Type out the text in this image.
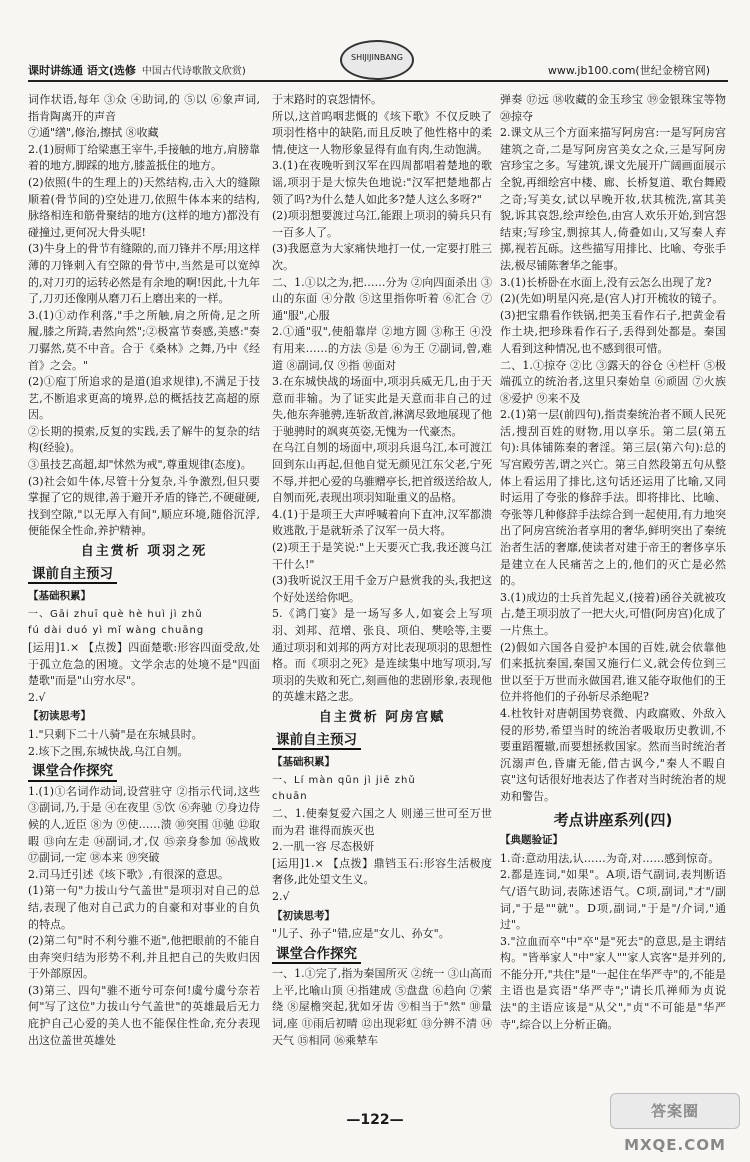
课时讲练通 语文(选修 中国古代诗歌散文欣赏)
SHIJIJINBANG
www.jb100.com(世纪金榜官网)

词作状语,每年 ③众 ④助词,的 ⑤以 ⑥象声词,指肯陶离开的声音

⑦通"缮",修治,擦拭 ⑧收藏

2.(1)厨师丁给梁惠王宰牛,手接触的地方,肩膀靠着的地方,脚踩的地方,膝盖抵住的地方。

(2)依照(牛的生理上的)天然结构,击入大的缝隙顺着(骨节间的)空处进刀,依照牛体本来的结构,脉络相连和筋骨聚结的地方(这样的地方)都没有碰撞过,更何况大骨头呢!

(3)牛身上的骨节有缝隙的,而刀锋并不厚;用这样薄的刀锋刺入有空隙的骨节中,当然是可以宽绰的,对刀刃的运转必然是有余地的啊!因此,十九年了,刀刃还像刚从磨刀石上磨出来的一样。

3.(1)①动作利落,"手之所触,肩之所倚,足之所履,膝之所踦,砉然向然";②极富节奏感,美感:"奏刀骣然,莫不中音。合于《桑林》之舞,乃中《经首》之会。"

(2)①庖丁所追求的是道(追求规律),不满足于技艺,不断追求更高的境界,总的概括技艺高超的原因。

②长期的摸索,反复的实践,丢了解牛的复杂的结构(经验)。

③虽技艺高超,却"怵然为戒",尊重规律(态度)。

(3)社会如牛体,尽管十分复杂,斗争激烈,但只要掌握了它的规律,善于避开矛盾的锋芒,不硬碰硬,找到空隙,"以无厚入有间",顺应环境,随俗沉浮,便能保全性命,养护精神。

自主赏析 项羽之死
课前自主预习
【基础积累】

一、Gāi zhuī què hè huì jì zhǔ

fú dài duó yì mǐ wàng chuāng

[运用]1.× 【点拨】四面楚歌:形容四面受敌,处于孤立危急的困境。文学余志的处境不是"四面楚歌"而是"山穷水尽"。

2.√

【初读思考】

1."只剩下二十八骑"是在东城县时。

2.垓下之围,东城快战,乌江自刎。

课堂合作探究

1.(1)①名词作动词,设营驻守 ②指示代词,这些 ③副词,乃,于是 ④在夜里 ⑤饮 ⑥奔驰 ⑦身边侍候的人,近臣 ⑧为 ⑨使……溃 ⑩突围 ⑪驰 ⑫取暇 ⑬向左走 ⑭副词,才,仅 ⑮亲身参加 ⑯战败 ⑰副词,一定 ⑱本来 ⑲突破

2.司马迁引述《垓下歌》,有很深的意思。

(1)第一句"力拔山兮气盖世"是项羽对自己的总结,表现了他对自己武力的自豪和对事业的自负的特点。

(2)第二句"时不利兮骓不逝",他把眼前的不能自由奔突归结为形势不利,并且把自己的失败归因于外部原因。

(3)第三、四句"骓不逝兮可奈何!虞兮虞兮奈若何"写了这位"力拔山兮气盖世"的英雄最后无力庇护自己心爱的美人也不能保住性命,充分表现出这位盖世英雄处

于末路时的哀怨情怀。

所以,这首呜咽悲慨的《垓下歌》不仅反映了项羽性格中的缺陷,而且反映了他性格中的柔情,使这一人物形象显得有血有肉,生动饱满。

3.(1)在夜晚听到汉军在四周都唱着楚地的歌谣,项羽于是大惊失色地说:"汉军把楚地都占领了吗?为什么楚人如此多?楚人这么多呀?"

(2)项羽想要渡过乌江,能跟上项羽的骑兵只有一百多人了。

(3)我愿意为大家痛快地打一仗,一定要打胜三次。

二、1.①以之为,把……分为 ②向四面杀出 ③山的东面 ④分散 ⑤这里指你听着 ⑥汇合 ⑦通"服",心服

2.①通"驭",使船靠岸 ②地方圆 ③称王 ④没有用来……的方法 ⑤是 ⑥为王 ⑦副词,曾,难道 ⑧副词,仅 ⑨指 ⑩面对

3.在东城快战的场面中,项羽兵威无几,由于天意而非输。为了证实此是天意而非自己的过失,他东奔驰骋,连斩敌首,淋漓尽致地展现了他于驰骋时的飒爽英姿,无愧为一代豪杰。

在乌江自刎的场面中,项羽兵退乌江,本可渡江回到东山再起,但他自觉无颜见江东父老,宁死不辱,并把心爱的乌骓赠亭长,把首级送给故人,自刎而死,表现出项羽知耻重义的品格。

4.(1)于是项王大声呼喊着向下直冲,汉军都溃败逃散,于是就斩杀了汉军一员大将。

(2)项王于是笑说:"上天要灭亡我,我还渡乌江干什么!"

(3)我听说汉王用千金万户悬赏我的头,我把这个好处送给你吧。

5.《鸿门宴》是一场写多人,如宴会上写项羽、刘邦、范增、张良、项伯、樊哙等,主要通过项羽和刘邦的两方对比表现项羽的思想性格。而《项羽之死》是连续集中地写项羽,写项羽的失败和死亡,刻画他的悲剧形象,表现他的英雄末路之悲。

自主赏析 阿房宫赋
课前自主预习
【基础积累】

一、Lí màn qūn jì jiē zhǔ

chuān

二、1.使秦复爱六国之人 则递三世可至万世而为君 谁得而族灭也

2.一肌一容 尽态极妍

[运用]1.× 【点拨】鼎铛玉石:形容生活极度奢侈,此处望文生义。

2.√

【初读思考】

"儿子、孙子"错,应是"女儿、孙女"。

课堂合作探究

一、1.①完了,指为秦国所灭 ②统一 ③山高而上平,比喻山顶 ④指建成 ⑤盘盘 ⑥趋向 ⑦萦绕 ⑧屋檐突起,犹如牙齿 ⑨相当于"然" ⑩量词,座 ⑪雨后初晴 ⑫出现彩虹 ⑬分辨不清 ⑭天气 ⑮相同 ⑯乘辇车

弹奏 ⑰远 ⑱收藏的金玉珍宝 ⑲金银珠宝等物 ⑳掠夺

2.课文从三个方面来描写阿房宫:一是写阿房宫建筑之奇,二是写阿房宫美女之众,三是写阿房宫珍宝之多。写建筑,课文先展开广阔画面展示全貌,再细绘宫中楼、廊、长桥复道、歌台舞殿之奇;写美女,试以早晚开妆,状其梳洗,富其美貌,诉其哀怨,绘声绘色,由宫人欢乐开始,到宫怨结束;写珍宝,剽掠其人,倚叠如山,又写秦人弃掷,视若瓦砾。这些描写用排比、比喻、夸张手法,极尽铺陈奢华之能事。

3.(1)长桥卧在水面上,没有云怎么出现了龙?

(2)(先如)明星闪亮,是(宫人)打开梳妆的镜子。

(3)把宝鼎看作铁锅,把美玉看作石子,把黄金看作土块,把珍珠看作石子,丢得到处都是。秦国人看到这种情况,也不感到很可惜。

二、1.①掠夺 ②比 ③露天的谷仓 ④栏杆 ⑤极端孤立的统治者,这里只秦始皇 ⑥顽固 ⑦火族 ⑧爱护 ⑨来不及

2.(1)第一层(前四句),指责秦统治者不顾人民死活,搜刮百姓的财物,用以享乐。第二层(第五句):具体铺陈秦的奢淫。第三层(第六句):总的写宫殿劳苦,谓之兴亡。第三自然段第五句从整体上看运用了排比,这句话还运用了比喻,又同时运用了夸张的修辞手法。即将排比、比喻、夸张等几种修辞手法综合到一起使用,有力地突出了阿房宫统治者享用的奢华,鲜明突出了秦统治者生活的奢靡,使读者对建于帝王的奢侈享乐是建立在人民痛苦之上的,他们的灭亡是必然的。

3.(1)成边的士兵首先起义,(接着)函谷关就被攻占,楚王项羽放了一把大火,可惜(阿房宫)化成了一片焦土。

(2)假如六国各自爱护本国的百姓,就会依靠他们来抵抗秦国,秦国又施行仁义,就会传位到三世以至于万世而永做国君,谁又能夺取他们的王位并将他们的子孙斩尽杀绝呢?

4.杜牧针对唐朝国势衰微、内政腐败、外敌入侵的形势,希望当时的统治者吸取历史教训,不要重蹈覆辙,而要想拯救国家。然而当时统治者沉溺声色,昏庸无能,借古讽今,"秦人不暇自哀"这句话很好地表达了作者对当时统治者的规劝和警告。

考点讲座系列(四)
【典题验证】

1.奇:意动用法,认……为奇,对……感到惊奇。

2.都是连词,"如果"。A项,语气副词,表判断语气/语气助词,表陈述语气。C项,副词,"才"/副词,"于是""就"。D项,副词,"于是"/介词,"通过"。

3."泣血而卒"中"卒"是"死去"的意思,是主谓结构。"皆举家人"中"家人""家人宾客"是并列的,不能分开,"共住"是"一起住在华严寺"的,不能是主语也是宾语"华严寺";"请长爪禅师为贞说法"的主语应该是"从父","贞"不可能是"华严寺",综合以上分析正确。

—122—	答案圈 MXQE.COM
